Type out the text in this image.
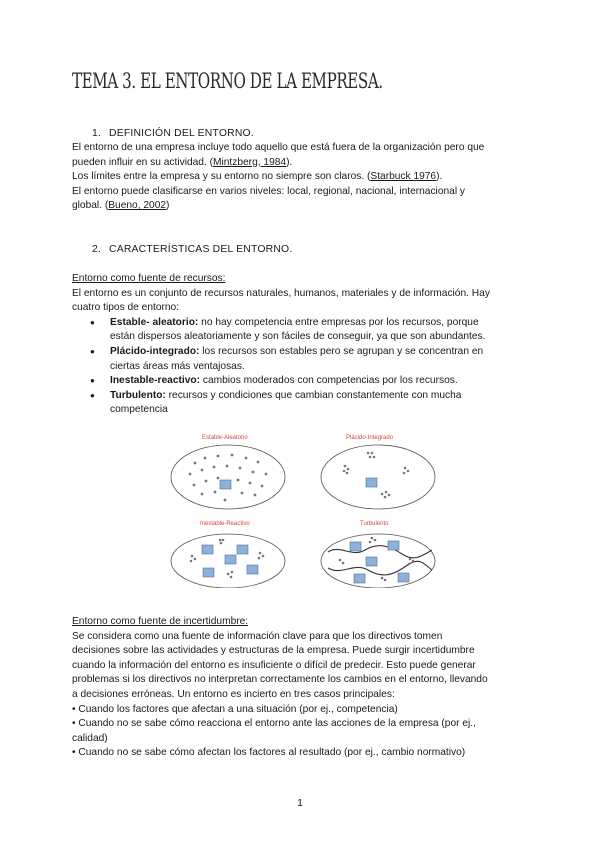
TEMA 3. EL ENTORNO DE LA EMPRESA.
1. DEFINICIÓN DEL ENTORNO.
El entorno de una empresa incluye todo aquello que está fuera de la organización pero que
pueden influir en su actividad. (Mintzberg, 1984).
Los límites entre la empresa y su entorno no siempre son claros. (Starbuck 1976).
El entorno puede clasificarse en varios niveles: local, regional, nacional, internacional y
global. (Bueno, 2002)
2. CARACTERÍSTICAS DEL ENTORNO.
Entorno como fuente de recursos:
El entorno es un conjunto de recursos naturales, humanos, materiales y de información. Hay
cuatro tipos de entorno:
● Estable- aleatorio: no hay competencia entre empresas por los recursos, porque
están dispersos aleatoriamente y son fáciles de conseguir, ya que son abundantes.
● Plácido-integrado: los recursos son estables pero se agrupan y se concentran en
ciertas áreas más ventajosas.
● Inestable-reactivo: cambios moderados con competencias por los recursos.
● Turbulento: recursos y condiciones que cambian constantemente con mucha
competencia
Estable-Aleatorio	Plácido-Integrado
Inestable-Reactivo	Turbulento
Entorno como fuente de incertidumbre:
Se considera como una fuente de información clave para que los directivos tomen
decisiones sobre las actividades y estructuras de la empresa. Puede surgir incertidumbre
cuando la información del entorno es insuficiente o difícil de predecir. Esto puede generar
problemas si los directivos no interpretan correctamente los cambios en el entorno, llevando
a decisiones erróneas. Un entorno es incierto en tres casos principales:
• Cuando los factores que afectan a una situación (por ej., competencia)
• Cuando no se sabe cómo reacciona el entorno ante las acciones de la empresa (por ej.,
calidad)
• Cuando no se sabe cómo afectan los factores al resultado (por ej., cambio normativo)
1
